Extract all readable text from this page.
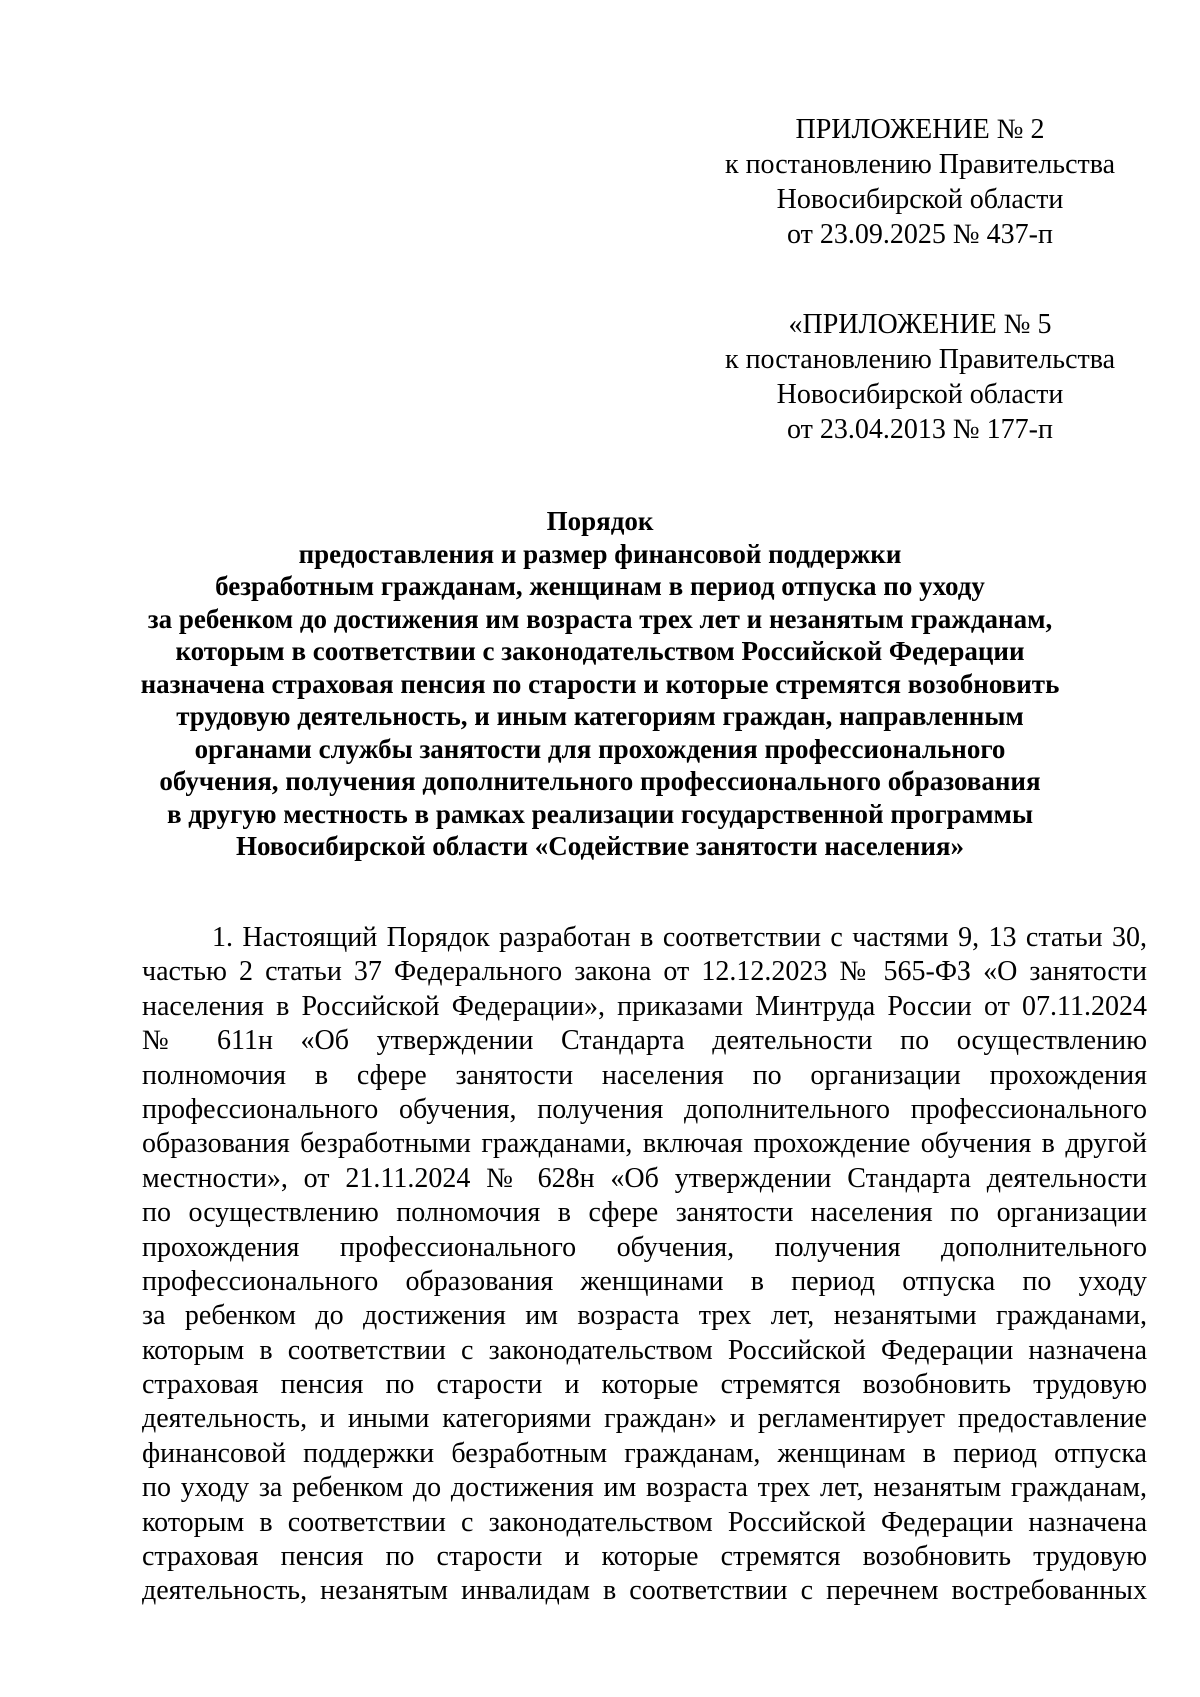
ПРИЛОЖЕНИЕ № 2
к постановлению Правительства
Новосибирской области
от 23.09.2025 № 437-п
«ПРИЛОЖЕНИЕ № 5
к постановлению Правительства
Новосибирской области
от 23.04.2013 № 177-п
Порядок
предоставления и размер финансовой поддержки
безработным гражданам, женщинам в период отпуска по уходу
за ребенком до достижения им возраста трех лет и незанятым гражданам,
которым в соответствии с законодательством Российской Федерации
назначена страховая пенсия по старости и которые стремятся возобновить
трудовую деятельность, и иным категориям граждан, направленным
органами службы занятости для прохождения профессионального
обучения, получения дополнительного профессионального образования
в другую местность в рамках реализации государственной программы
Новосибирской области «Содействие занятости населения»
1. Настоящий Порядок разработан в соответствии с частями 9, 13 статьи 30,
частью 2 статьи 37 Федерального закона от 12.12.2023 № 565-ФЗ «О занятости
населения в Российской Федерации», приказами Минтруда России от 07.11.2024
№ 611н «Об утверждении Стандарта деятельности по осуществлению
полномочия в сфере занятости населения по организации прохождения
профессионального обучения, получения дополнительного профессионального
образования безработными гражданами, включая прохождение обучения в другой
местности», от 21.11.2024 № 628н «Об утверждении Стандарта деятельности
по осуществлению полномочия в сфере занятости населения по организации
прохождения профессионального обучения, получения дополнительного
профессионального образования женщинами в период отпуска по уходу
за ребенком до достижения им возраста трех лет, незанятыми гражданами,
которым в соответствии с законодательством Российской Федерации назначена
страховая пенсия по старости и которые стремятся возобновить трудовую
деятельность, и иными категориями граждан» и регламентирует предоставление
финансовой поддержки безработным гражданам, женщинам в период отпуска
по уходу за ребенком до достижения им возраста трех лет, незанятым гражданам,
которым в соответствии с законодательством Российской Федерации назначена
страховая пенсия по старости и которые стремятся возобновить трудовую
деятельность, незанятым инвалидам в соответствии с перечнем востребованных
